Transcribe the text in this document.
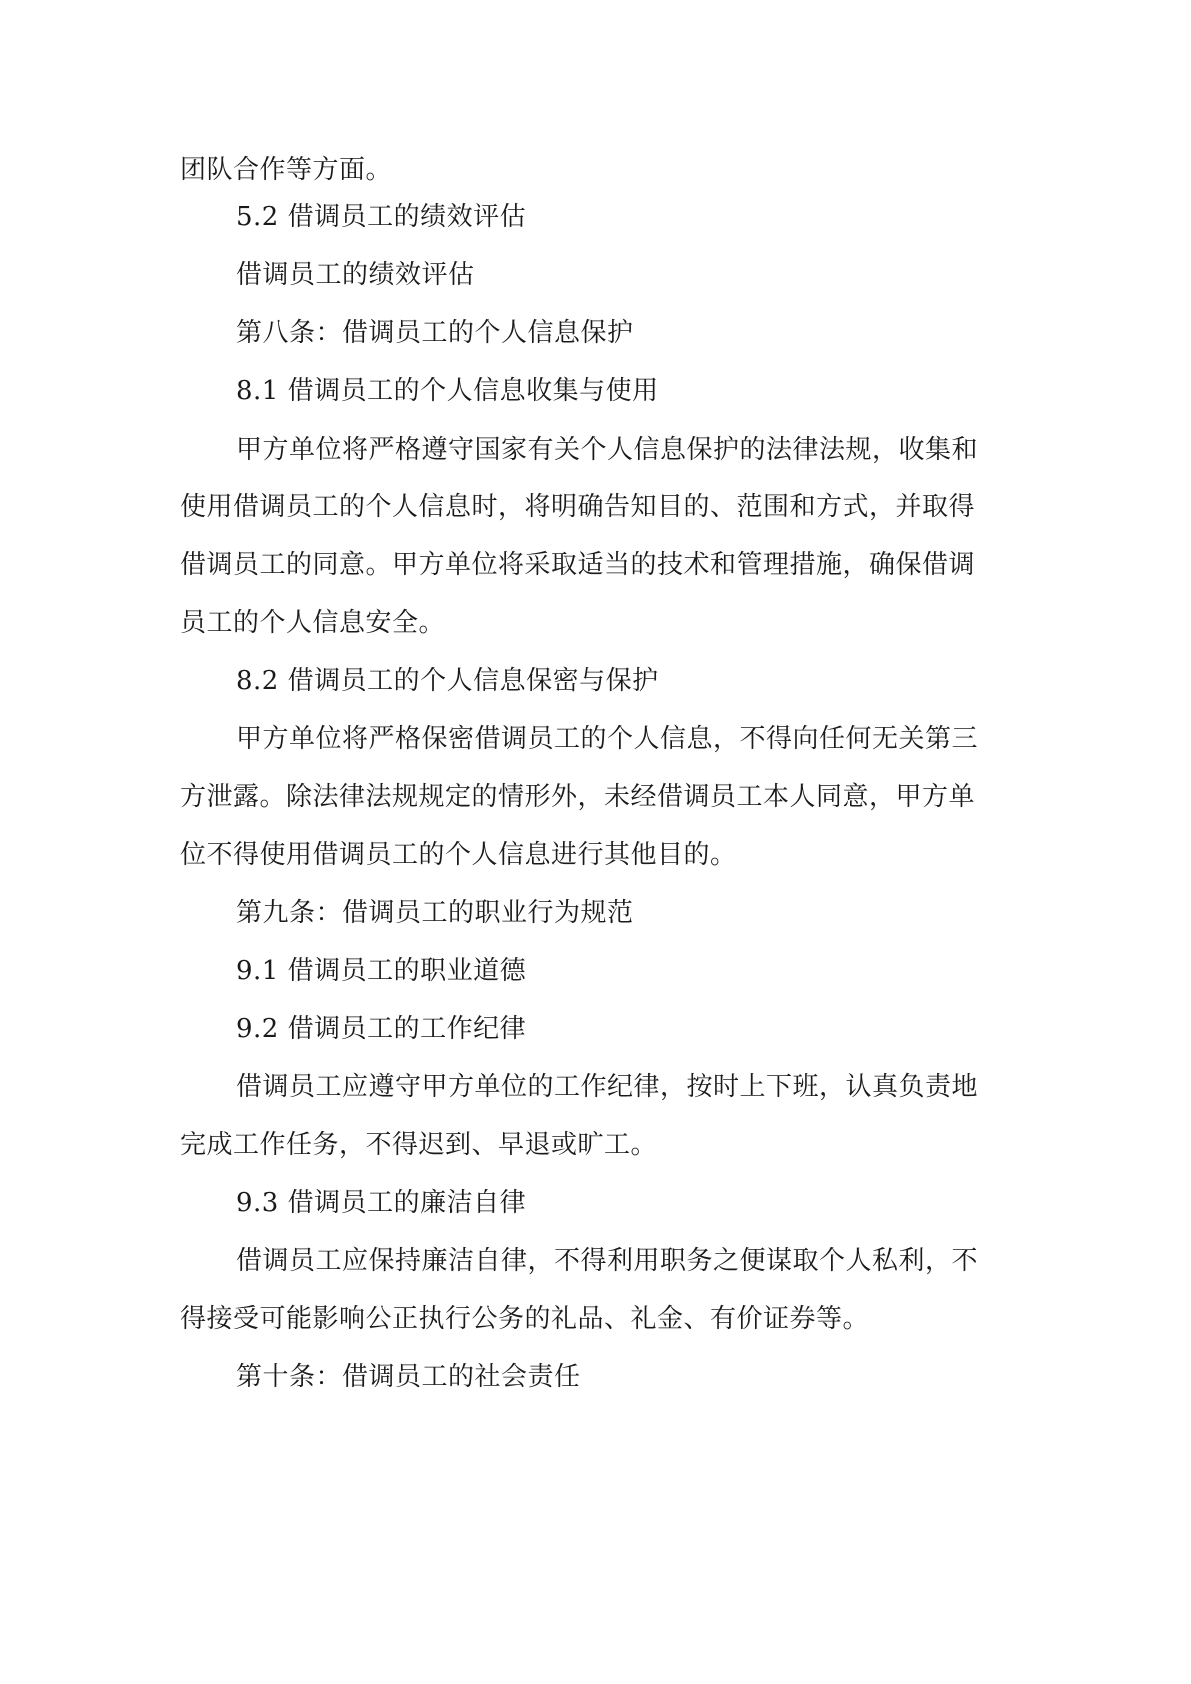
团队合作等方面。
5.2 借调员工的绩效评估
借调员工的绩效评估
第八条：借调员工的个人信息保护
8.1 借调员工的个人信息收集与使用
甲方单位将严格遵守国家有关个人信息保护的法律法规，收集和
使用借调员工的个人信息时，将明确告知目的、范围和方式，并取得
借调员工的同意。甲方单位将采取适当的技术和管理措施，确保借调
员工的个人信息安全。
8.2 借调员工的个人信息保密与保护
甲方单位将严格保密借调员工的个人信息，不得向任何无关第三
方泄露。除法律法规规定的情形外，未经借调员工本人同意，甲方单
位不得使用借调员工的个人信息进行其他目的。
第九条：借调员工的职业行为规范
9.1 借调员工的职业道德
9.2 借调员工的工作纪律
借调员工应遵守甲方单位的工作纪律，按时上下班，认真负责地
完成工作任务，不得迟到、早退或旷工。
9.3 借调员工的廉洁自律
借调员工应保持廉洁自律，不得利用职务之便谋取个人私利，不
得接受可能影响公正执行公务的礼品、礼金、有价证券等。
第十条：借调员工的社会责任
